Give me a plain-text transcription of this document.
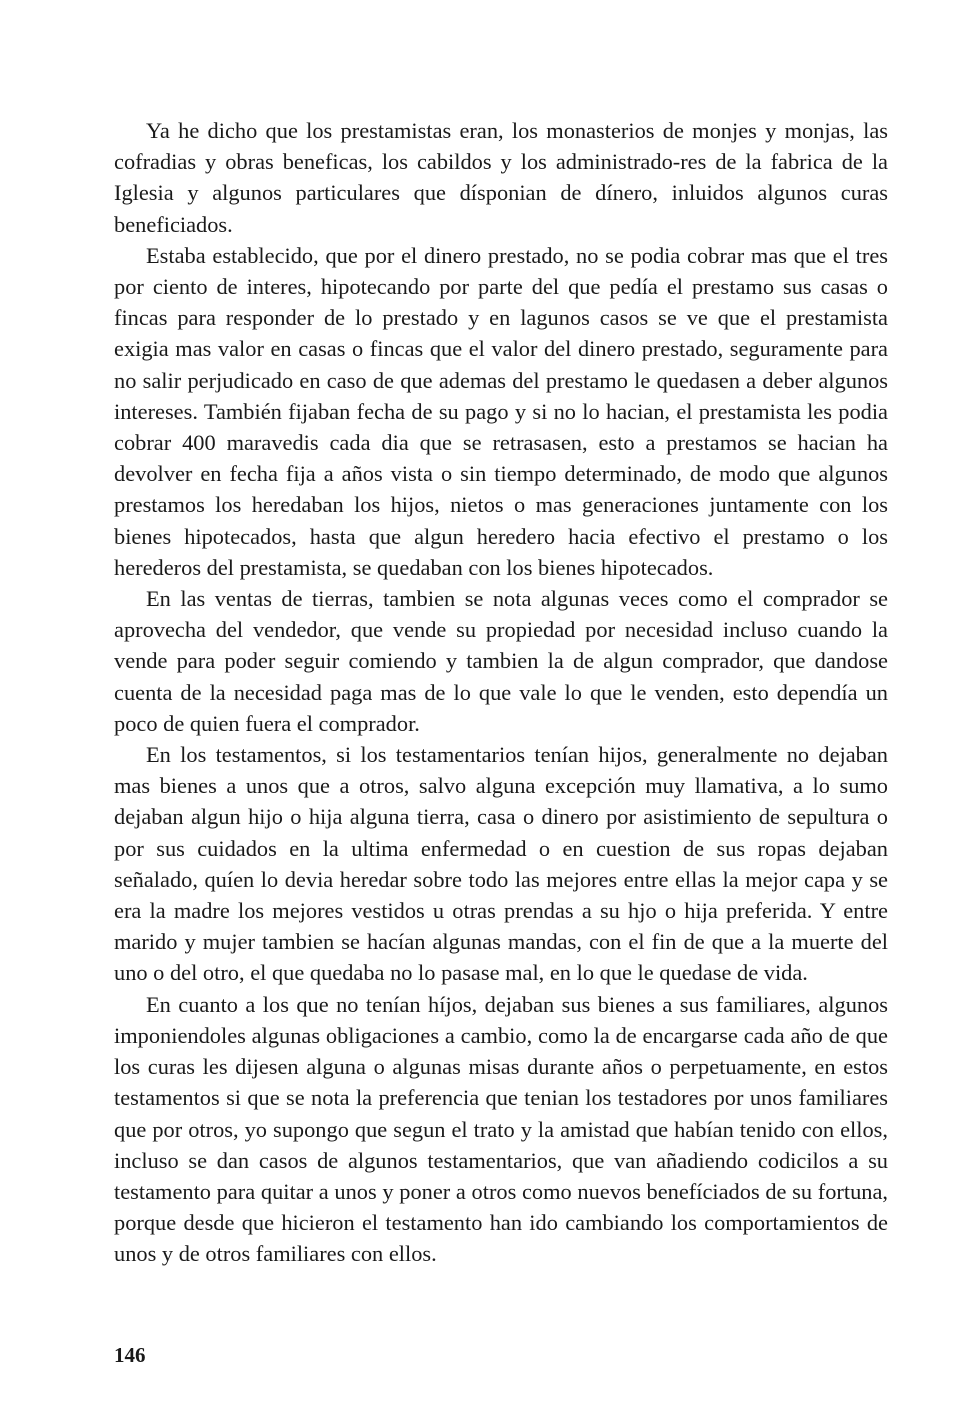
Ya he dicho que los prestamistas eran, los monasterios de monjes y monjas, las cofradias y obras beneficas, los cabildos y los administrado-res de la fabrica de la Iglesia y algunos particulares que dísponian de dínero, inluidos algunos curas beneficiados.

Estaba establecido, que por el dinero prestado, no se podia cobrar mas que el tres por ciento de interes, hipotecando por parte del que pedía el prestamo sus casas o fincas para responder de lo prestado y en lagunos casos se ve que el prestamista exigia mas valor en casas o fincas que el valor del dinero prestado, seguramente para no salir perjudicado en caso de que ademas del prestamo le quedasen a deber algunos intereses. También fijaban fecha de su pago y si no lo hacian, el prestamista les podia cobrar 400 maravedis cada dia que se retrasasen, esto a prestamos se hacian ha devolver en fecha fija a años vista o sin tiempo determinado, de modo que algunos prestamos los heredaban los hijos, nietos o mas generaciones juntamente con los bienes hipotecados, hasta que algun heredero hacia efectivo el prestamo o los herederos del prestamista, se quedaban con los bienes hipotecados.

En las ventas de tierras, tambien se nota algunas veces como el comprador se aprovecha del vendedor, que vende su propiedad por necesidad incluso cuando la vende para poder seguir comiendo y tambien la de algun comprador, que dandose cuenta de la necesidad paga mas de lo que vale lo que le venden, esto dependía un poco de quien fuera el comprador.

En los testamentos, si los testamentarios tenían hijos, generalmente no dejaban mas bienes a unos que a otros, salvo alguna excepción muy llamativa, a lo sumo dejaban algun hijo o hija alguna tierra, casa o dinero por asistimiento de sepultura o por sus cuidados en la ultima enfermedad o en cuestion de sus ropas dejaban señalado, quíen lo devia heredar sobre todo las mejores entre ellas la mejor capa y se era la madre los mejores vestidos u otras prendas a su hjo o hija preferida. Y entre marido y mujer tambien se hacían algunas mandas, con el fin de que a la muerte del uno o del otro, el que quedaba no lo pasase mal, en lo que le quedase de vida.

En cuanto a los que no tenían híjos, dejaban sus bienes a sus familiares, algunos imponiendoles algunas obligaciones a cambio, como la de encargarse cada año de que los curas les dijesen alguna o algunas misas durante años o perpetuamente, en estos testamentos si que se nota la preferencia que tenian los testadores por unos familiares que por otros, yo supongo que segun el trato y la amistad que habían tenido con ellos, incluso se dan casos de algunos testamentarios, que van añadiendo codicilos a su testamento para quitar a unos y poner a otros como nuevos benefíciados de su fortuna, porque desde que hicieron el testamento han ido cambiando los comportamientos de unos y de otros familiares con ellos.

146
